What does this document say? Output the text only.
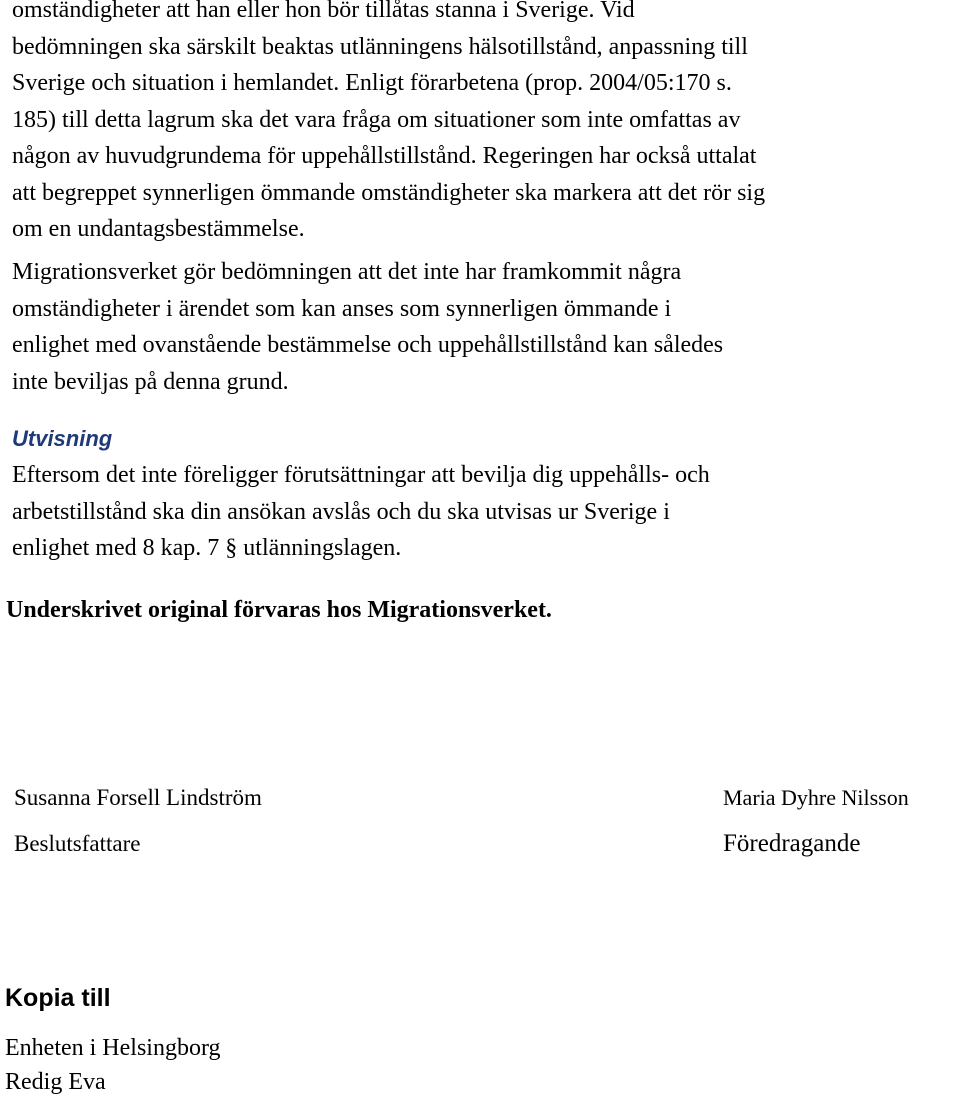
omständigheter att han eller hon bör tillåtas stanna i Sverige. Vid
bedömningen ska särskilt beaktas utlänningens hälsotillstånd, anpassning till
Sverige och situation i hemlandet. Enligt förarbetena (prop. 2004/05:170 s.
185) till detta lagrum ska det vara fråga om situationer som inte omfattas av
någon av huvudgrundema för uppehållstillstånd. Regeringen har också uttalat
att begreppet synnerligen ömmande omständigheter ska markera att det rör sig
om en undantagsbestämmelse.

Migrationsverket gör bedömningen att det inte har framkommit några
omständigheter i ärendet som kan anses som synnerligen ömmande i
enlighet med ovanstående bestämmelse och uppehållstillstånd kan således
inte beviljas på denna grund.

Utvisning

Eftersom det inte föreligger förutsättningar att bevilja dig uppehålls- och
arbetstillstånd ska din ansökan avslås och du ska utvisas ur Sverige i
enlighet med 8 kap. 7 § utlänningslagen.

Underskrivet original förvaras hos Migrationsverket.

Susanna Forsell Lindström

Beslutsfattare

Maria Dyhre Nilsson

Föredragande

Kopia till
Enheten i Helsingborg
Redig Eva
